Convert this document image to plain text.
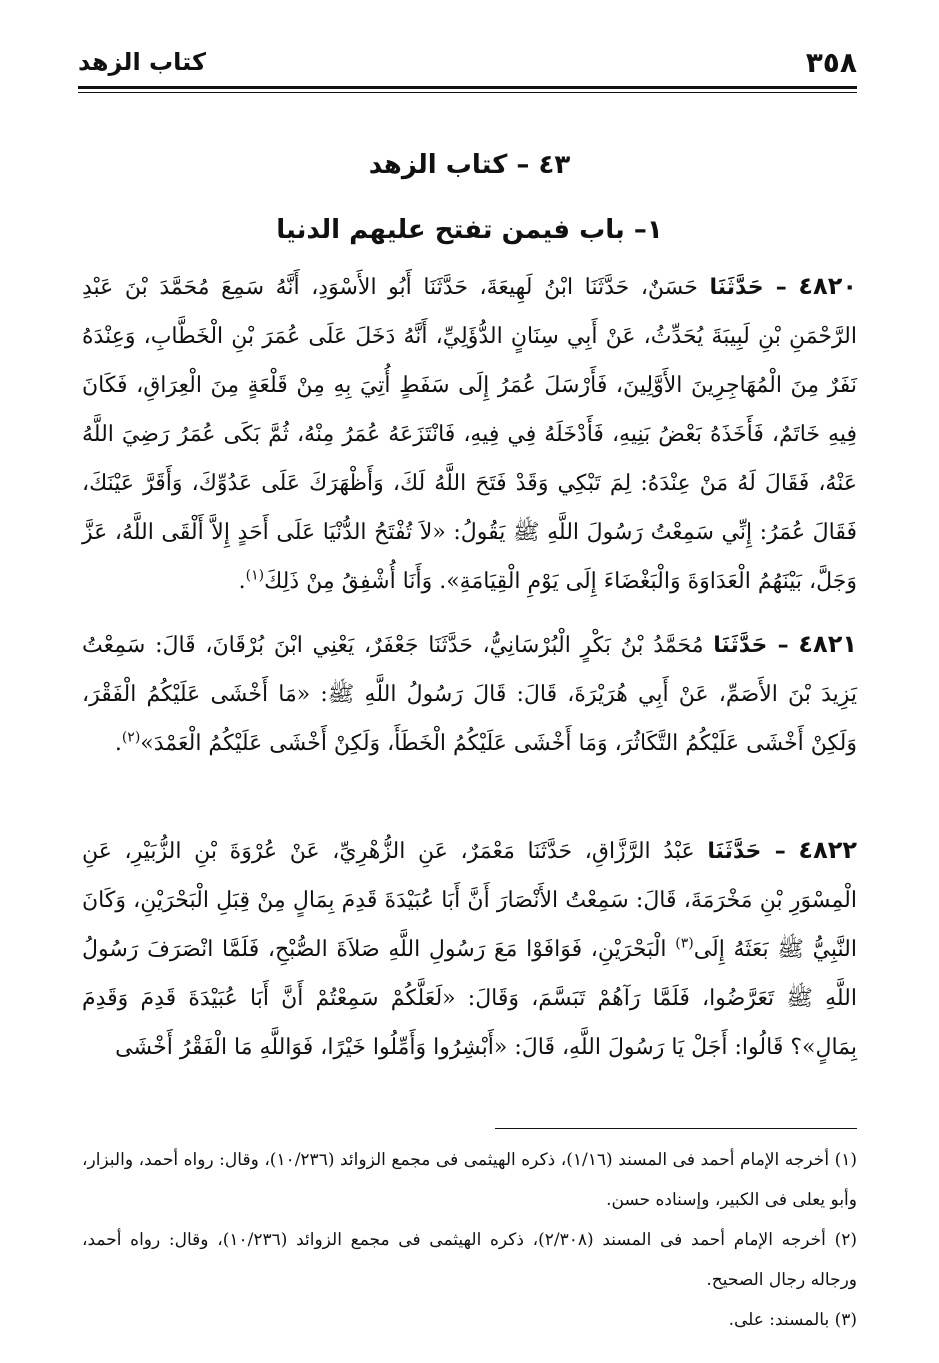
٣٥٨
كتاب الزهد
٤٣ – كتاب الزهد
١– باب فيمن تفتح عليهم الدنيا

٤٨٢٠ – حَدَّثَنَا حَسَنٌ، حَدَّثَنَا ابْنُ لَهِيعَةَ، حَدَّثَنَا أَبُو الأَسْوَدِ، أَنَّهُ سَمِعَ مُحَمَّدَ بْنَ عَبْدِ الرَّحْمَنِ بْنِ لَبِيبَةَ يُحَدِّثُ، عَنْ أَبِي سِنَانٍ الدُّؤَلِيِّ، أَنَّهُ دَخَلَ عَلَى عُمَرَ بْنِ الْخَطَّابِ، وَعِنْدَهُ نَفَرٌ مِنَ الْمُهَاجِرِينَ الأَوَّلِينَ، فَأَرْسَلَ عُمَرُ إِلَى سَفَطٍ أُتِيَ بِهِ مِنْ قَلْعَةٍ مِنَ الْعِرَاقِ، فَكَانَ فِيهِ خَاتَمٌ، فَأَخَذَهُ بَعْضُ بَنِيهِ، فَأَدْخَلَهُ فِي فِيهِ، فَانْتَزَعَهُ عُمَرُ مِنْهُ، ثُمَّ بَكَى عُمَرُ رَضِيَ اللَّهُ عَنْهُ، فَقَالَ لَهُ مَنْ عِنْدَهُ: لِمَ تَبْكِي وَقَدْ فَتَحَ اللَّهُ لَكَ، وَأَظْهَرَكَ عَلَى عَدُوِّكَ، وَأَقَرَّ عَيْنَكَ، فَقَالَ عُمَرُ: إِنِّي سَمِعْتُ رَسُولَ اللَّهِ ﷺ يَقُولُ: «لاَ تُفْتَحُ الدُّنْيَا عَلَى أَحَدٍ إِلاَّ أَلْقَى اللَّهُ، عَزَّ وَجَلَّ، بَيْنَهُمُ الْعَدَاوَةَ وَالْبَغْضَاءَ إِلَى يَوْمِ الْقِيَامَةِ». وَأَنَا أُشْفِقُ مِنْ ذَلِكَ$^{(١)}$.

٤٨٢١ – حَدَّثَنَا مُحَمَّدُ بْنُ بَكْرٍ الْبُرْسَانِيُّ، حَدَّثَنَا جَعْفَرٌ، يَعْنِي ابْنَ بُرْقَانَ، قَالَ: سَمِعْتُ يَزِيدَ بْنَ الأَصَمِّ، عَنْ أَبِي هُرَيْرَةَ، قَالَ: قَالَ رَسُولُ اللَّهِ ﷺ: «مَا أَخْشَى عَلَيْكُمُ الْفَقْرَ، وَلَكِنْ أَخْشَى عَلَيْكُمُ التَّكَاثُرَ، وَمَا أَخْشَى عَلَيْكُمُ الْخَطَأَ، وَلَكِنْ أَخْشَى عَلَيْكُمُ الْعَمْدَ»$^{(٢)}$.

٤٨٢٢ – حَدَّثَنَا عَبْدُ الرَّزَّاقِ، حَدَّثَنَا مَعْمَرٌ، عَنِ الزُّهْرِيِّ، عَنْ عُرْوَةَ بْنِ الزُّبَيْرِ، عَنِ الْمِسْوَرِ بْنِ مَخْرَمَةَ، قَالَ: سَمِعْتُ الأَنْصَارَ أَنَّ أَبَا عُبَيْدَةَ قَدِمَ بِمَالٍ مِنْ قِبَلِ الْبَحْرَيْنِ، وَكَانَ النَّبِيُّ ﷺ بَعَثَهُ إِلَى$^{(٣)}$ الْبَحْرَيْنِ، فَوَافَوْا مَعَ رَسُولِ اللَّهِ صَلاَةَ الصُّبْحِ، فَلَمَّا انْصَرَفَ رَسُولُ اللَّهِ ﷺ تَعَرَّضُوا، فَلَمَّا رَآهُمْ تَبَسَّمَ، وَقَالَ: «لَعَلَّكُمْ سَمِعْتُمْ أَنَّ أَبَا عُبَيْدَةَ قَدِمَ وَقَدِمَ بِمَالٍ»؟ قَالُوا: أَجَلْ يَا رَسُولَ اللَّهِ، قَالَ: «أَبْشِرُوا وَأَمِّلُوا خَيْرًا، فَوَاللَّهِ مَا الْفَقْرُ أَخْشَى

(١) أخرجه الإمام أحمد فى المسند (١/١٦)، ذكره الهيثمى فى مجمع الزوائد (١٠/٢٣٦)، وقال: رواه أحمد، والبزار، وأبو يعلى فى الكبير، وإسناده حسن.
(٢) أخرجه الإمام أحمد فى المسند (٢/٣٠٨)، ذكره الهيثمى فى مجمع الزوائد (١٠/٢٣٦)، وقال: رواه أحمد، ورجاله رجال الصحيح.
(٣) بالمسند: على.
